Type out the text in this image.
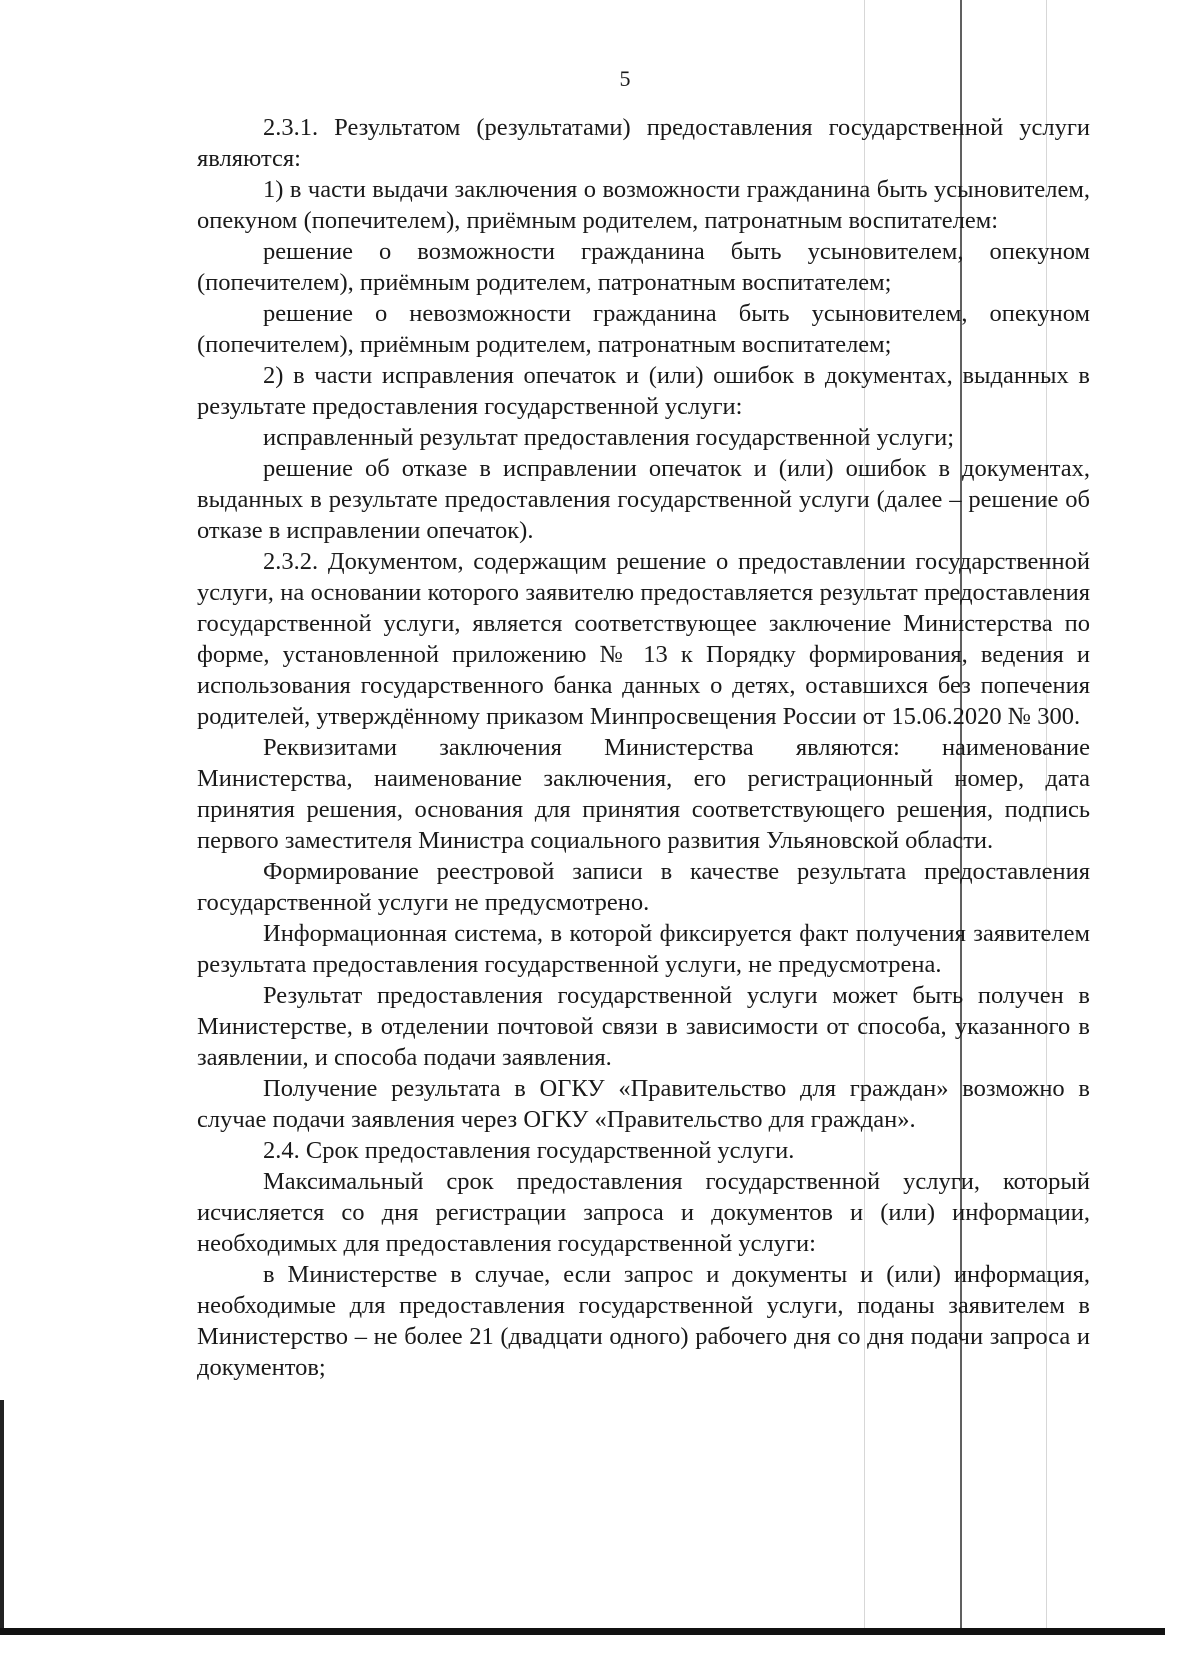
5

2.3.1. Результатом (результатами) предоставления государственной услуги являются:

1) в части выдачи заключения о возможности гражданина быть усыновителем, опекуном (попечителем), приёмным родителем, патронатным воспитателем:

решение о возможности гражданина быть усыновителем, опекуном (попечителем), приёмным родителем, патронатным воспитателем;

решение о невозможности гражданина быть усыновителем, опекуном (попечителем), приёмным родителем, патронатным воспитателем;

2) в части исправления опечаток и (или) ошибок в документах, выданных в результате предоставления государственной услуги:

исправленный результат предоставления государственной услуги;

решение об отказе в исправлении опечаток и (или) ошибок в документах, выданных в результате предоставления государственной услуги (далее – решение об отказе в исправлении опечаток).

2.3.2. Документом, содержащим решение о предоставлении государственной услуги, на основании которого заявителю предоставляется результат предоставления государственной услуги, является соответствующее заключение Министерства по форме, установленной приложению № 13 к Порядку формирования, ведения и использования государственного банка данных о детях, оставшихся без попечения родителей, утверждённому приказом Минпросвещения России от 15.06.2020 № 300.

Реквизитами заключения Министерства являются: наименование Министерства, наименование заключения, его регистрационный номер, дата принятия решения, основания для принятия соответствующего решения, подпись первого заместителя Министра социального развития Ульяновской области.

Формирование реестровой записи в качестве результата предоставления государственной услуги не предусмотрено.

Информационная система, в которой фиксируется факт получения заявителем результата предоставления государственной услуги, не предусмотрена.

Результат предоставления государственной услуги может быть получен в Министерстве, в отделении почтовой связи в зависимости от способа, указанного в заявлении, и способа подачи заявления.

Получение результата в ОГКУ «Правительство для граждан» возможно в случае подачи заявления через ОГКУ «Правительство для граждан».

2.4. Срок предоставления государственной услуги.

Максимальный срок предоставления государственной услуги, который исчисляется со дня регистрации запроса и документов и (или) информации, необходимых для предоставления государственной услуги:

в Министерстве в случае, если запрос и документы и (или) информация, необходимые для предоставления государственной услуги, поданы заявителем в Министерство – не более 21 (двадцати одного) рабочего дня со дня подачи запроса и документов;
